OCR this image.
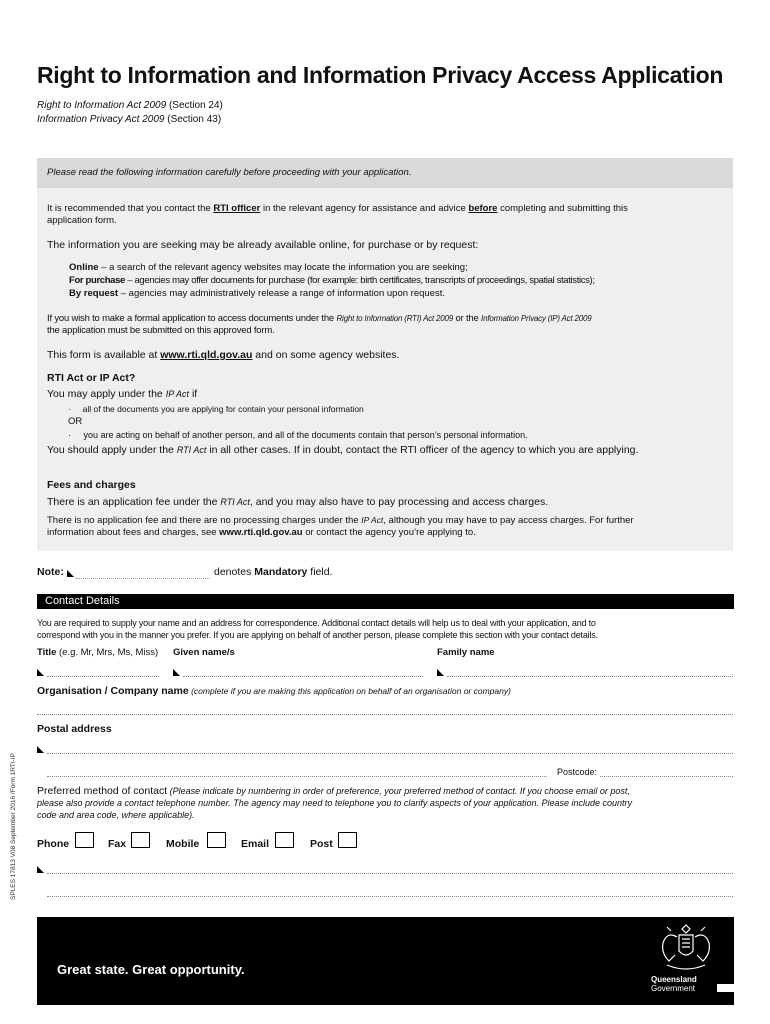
Right to Information and Information Privacy Access Application
Right to Information Act 2009 (Section 24)
Information Privacy Act 2009 (Section 43)
Please read the following information carefully before proceeding with your application.
It is recommended that you contact the RTI officer in the relevant agency for assistance and advice before completing and submitting this
application form.
The information you are seeking may be already available online, for purchase or by request:
Online – a search of the relevant agency websites may locate the information you are seeking;
For purchase – agencies may offer documents for purchase (for example: birth certificates, transcripts of proceedings, spatial statistics);
By request – agencies may administratively release a range of information upon request.
If you wish to make a formal application to access documents under the Right to Information (RTI) Act 2009 or the Information Privacy (IP) Act 2009
the application must be submitted on this approved form.
This form is available at www.rti.qld.gov.au and on some agency websites.
RTI Act or IP Act?
You may apply under the IP Act if
·     all of the documents you are applying for contain your personal information
OR
·     you are acting on behalf of another person, and all of the documents contain that person’s personal information.
You should apply under the RTI Act in all other cases. If in doubt, contact the RTI officer of the agency to which you are applying.
Fees and charges
There is an application fee under the RTI Act, and you may also have to pay processing and access charges.
There is no application fee and there are no processing charges under the IP Act, although you may have to pay access charges. For further
information about fees and charges, see www.rti.qld.gov.au or contact the agency you’re applying to.
Note:	denotes Mandatory field.
Contact Details
You are required to supply your name and an address for correspondence. Additional contact details will help us to deal with your application, and to
correspond with you in the manner you prefer. If you are applying on behalf of another person, please complete this section with your contact details.
Title (e.g. Mr, Mrs, Ms, Miss) Given name/s	Family name
Organisation / Company name (complete if you are making this application on behalf of an organisation or company)
Postal address
Postcode:
Preferred method of contact (Please indicate by numbering in order of preference, your preferred method of contact. If you choose email or post,
please also provide a contact telephone number. The agency may need to telephone you to clarify aspects of your application. Please include country
code and area code, where applicable).
Phone	Fax	Mobile	Email	Post
SPLES 17813 V08 September 2016 /Form 1RTI-IP
Great state. Great opportunity.
Queensland
Government
